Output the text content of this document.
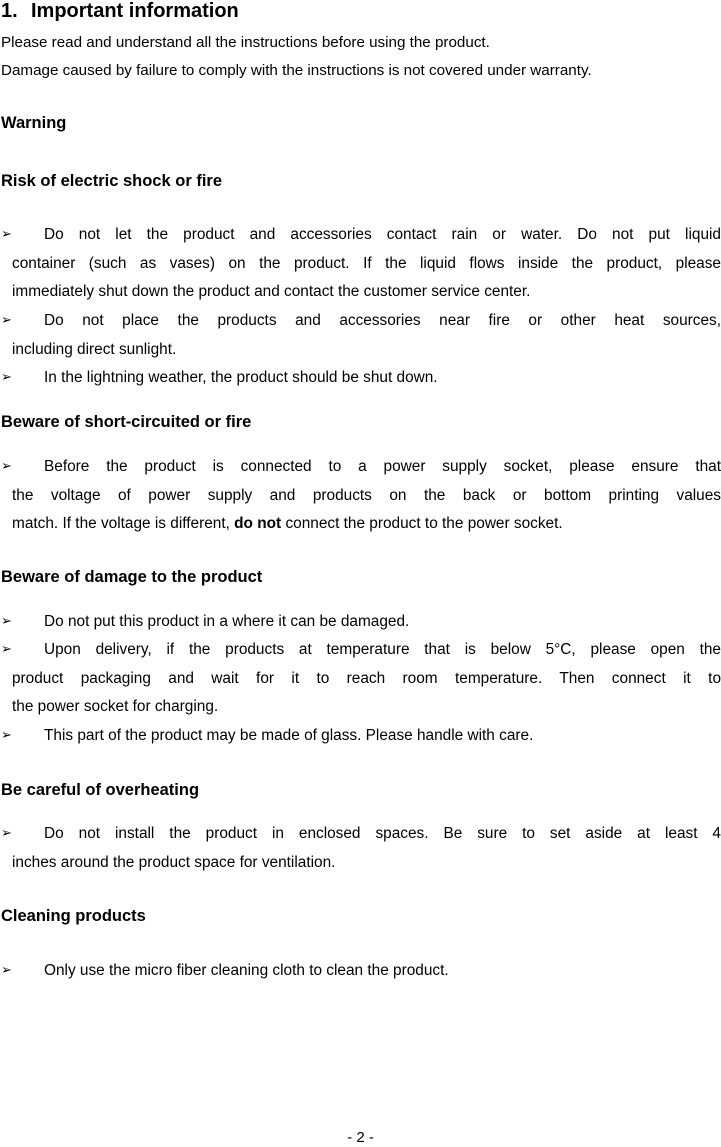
1. Important information
Please read and understand all the instructions before using the product.
Damage caused by failure to comply with the instructions is not covered under warranty.
Warning
Risk of electric shock or fire
➢	Do not let the product and accessories contact rain or water. Do not put liquid
container (such as vases) on the product. If the liquid flows inside the product, please
immediately shut down the product and contact the customer service center.
➢	Do not place the products and accessories near fire or other heat sources,
including direct sunlight.
➢	In the lightning weather, the product should be shut down.
Beware of short-circuited or fire
➢	Before the product is connected to a power supply socket, please ensure that
the voltage of power supply and products on the back or bottom printing values
match. If the voltage is different, do not connect the product to the power socket.
Beware of damage to the product
➢	Do not put this product in a where it can be damaged.
➢	Upon delivery, if the products at temperature that is below 5°C, please open the
product packaging and wait for it to reach room temperature. Then connect it to
the power socket for charging.
➢	This part of the product may be made of glass. Please handle with care.
Be careful of overheating
➢	Do not install the product in enclosed spaces. Be sure to set aside at least 4
inches around the product space for ventilation.
Cleaning products
➢	Only use the micro fiber cleaning cloth to clean the product.
- 2 -
